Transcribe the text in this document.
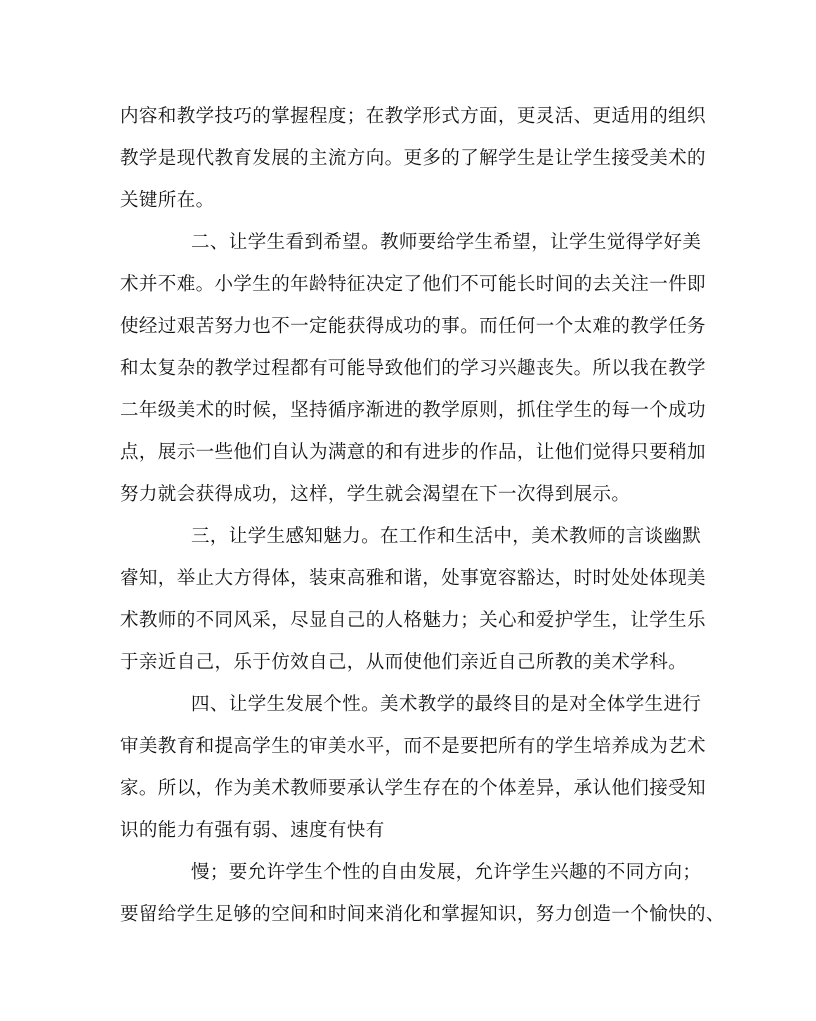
内容和教学技巧的掌握程度；在教学形式方面，更灵活、更适用的组织
教学是现代教育发展的主流方向。更多的了解学生是让学生接受美术的
关键所在。
二、让学生看到希望。教师要给学生希望，让学生觉得学好美
术并不难。小学生的年龄特征决定了他们不可能长时间的去关注一件即
使经过艰苦努力也不一定能获得成功的事。而任何一个太难的教学任务
和太复杂的教学过程都有可能导致他们的学习兴趣丧失。所以我在教学
二年级美术的时候，坚持循序渐进的教学原则，抓住学生的每一个成功
点，展示一些他们自认为满意的和有进步的作品，让他们觉得只要稍加
努力就会获得成功，这样，学生就会渴望在下一次得到展示。
三，让学生感知魅力。在工作和生活中，美术教师的言谈幽默
睿知，举止大方得体，装束高雅和谐，处事宽容豁达，时时处处体现美
术教师的不同风采，尽显自己的人格魅力；关心和爱护学生，让学生乐
于亲近自己，乐于仿效自己，从而使他们亲近自己所教的美术学科。
四、让学生发展个性。美术教学的最终目的是对全体学生进行
审美教育和提高学生的审美水平，而不是要把所有的学生培养成为艺术
家。所以，作为美术教师要承认学生存在的个体差异，承认他们接受知
识的能力有强有弱、速度有快有
慢；要允许学生个性的自由发展，允许学生兴趣的不同方向；
要留给学生足够的空间和时间来消化和掌握知识，努力创造一个愉快的、
